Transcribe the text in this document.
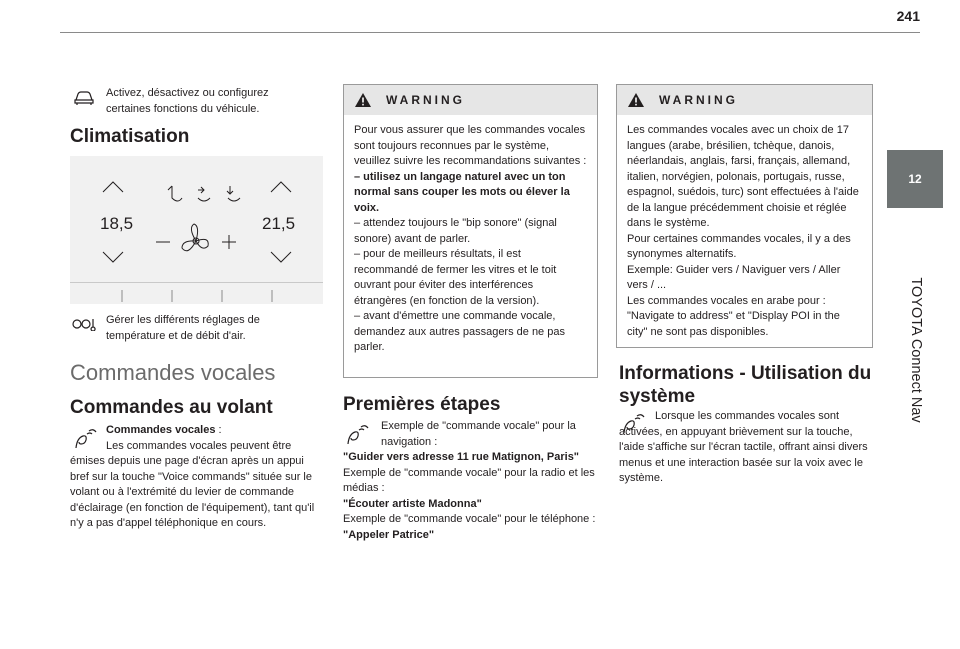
241
12
TOYOTA Connect Nav
Activez, désactivez ou configurez certaines fonctions du véhicule.
Climatisation
18,5	21,5
Gérer les différents réglages de température et de débit d'air.
Commandes vocales
Commandes au volant
Commandes vocales :
Les commandes vocales peuvent être émises depuis une page d'écran après un appui bref sur la touche "Voice commands" située sur le volant ou à l'extrémité du levier de commande d'éclairage (en fonction de l'équipement), tant qu'il n'y a pas d'appel téléphonique en cours.
WARNING
Pour vous assurer que les commandes vocales sont toujours reconnues par le système, veuillez suivre les recommandations suivantes :
– utilisez un langage naturel avec un ton normal sans couper les mots ou élever la voix.
– attendez toujours le "bip sonore" (signal sonore) avant de parler.
– pour de meilleurs résultats, il est recommandé de fermer les vitres et le toit ouvrant pour éviter des interférences étrangères (en fonction de la version).
– avant d'émettre une commande vocale, demandez aux autres passagers de ne pas parler.
Premières étapes
Exemple de "commande vocale" pour la navigation :
"Guider vers adresse 11 rue Matignon, Paris"
Exemple de "commande vocale" pour la radio et les médias :
"Écouter artiste Madonna"
Exemple de "commande vocale" pour le téléphone :
"Appeler Patrice"
WARNING
Les commandes vocales avec un choix de 17 langues (arabe, brésilien, tchèque, danois, néerlandais, anglais, farsi, français, allemand, italien, norvégien, polonais, portugais, russe, espagnol, suédois, turc) sont effectuées à l'aide de la langue précédemment choisie et réglée dans le système.
Pour certaines commandes vocales, il y a des synonymes alternatifs.
Exemple: Guider vers / Naviguer vers / Aller vers / ...
Les commandes vocales en arabe pour : "Navigate to address" et "Display POI in the city" ne sont pas disponibles.
Informations - Utilisation du système
Lorsque les commandes vocales sont activées, en appuyant brièvement sur la touche, l'aide s'affiche sur l'écran tactile, offrant ainsi divers menus et une interaction basée sur la voix avec le système.
